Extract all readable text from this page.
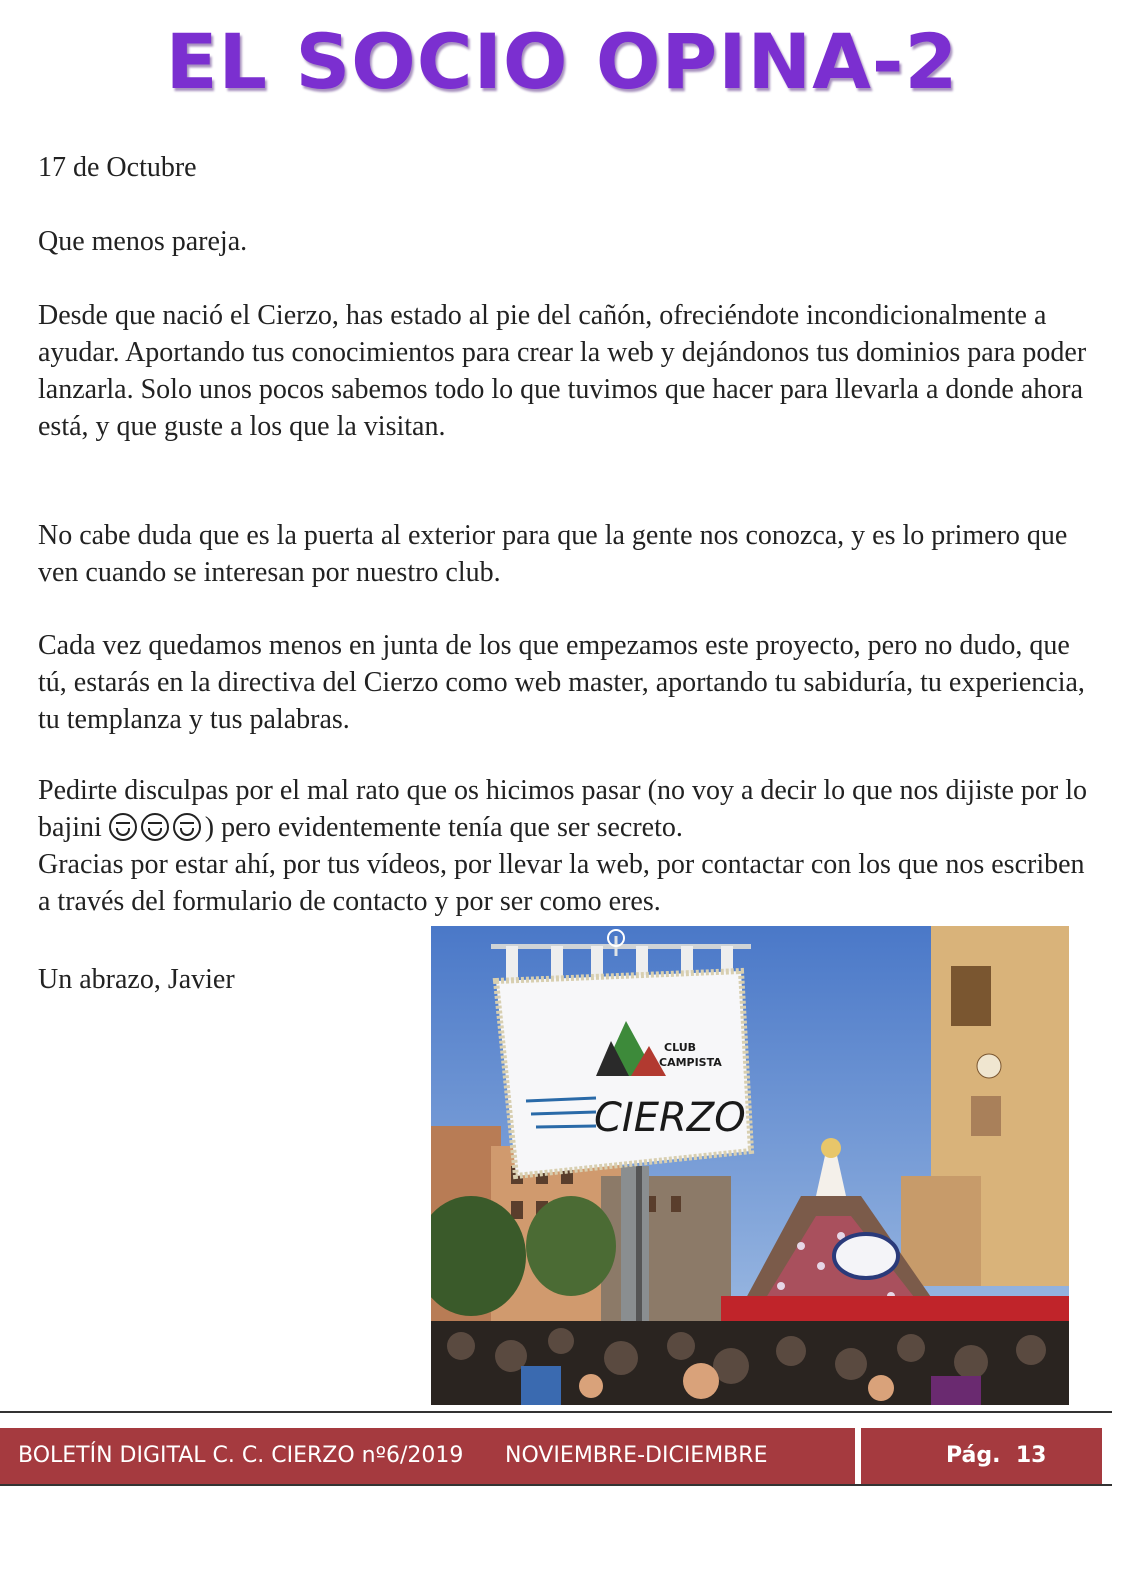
EL SOCIO OPINA-2
17 de Octubre
Que menos pareja.
Desde que nació el Cierzo, has estado al pie del cañón, ofreciéndote incondicionalmente a ayudar. Aportando tus conocimientos para crear la web y dejándonos tus dominios para poder lanzarla. Solo unos pocos sabemos todo lo que tuvimos que hacer para llevarla a donde ahora está, y que guste a los que la visitan.
No cabe duda que es la puerta al exterior para que la gente nos conozca, y es lo primero que ven cuando se interesan por nuestro club.
Cada vez quedamos menos en junta de los que empezamos este proyecto, pero no dudo, que tú, estarás en la directiva del Cierzo como web master, aportando tu sabiduría, tu experiencia, tu templanza y tus palabras.
Pedirte disculpas por el mal rato que os hicimos pasar (no voy a decir lo que nos dijiste por lo bajini	) pero evidentemente tenía que ser secreto.
Gracias por estar ahí, por tus vídeos, por llevar la web, por contactar con los que nos escriben a través del formulario de contacto y por ser como eres.
Un abrazo, Javier
CLUB
CAMPISTA
CIERZO
BOLETÍN DIGITAL C. C. CIERZO nº6/2019 NOVIEMBRE-DICIEMBRE	Pág. 13
